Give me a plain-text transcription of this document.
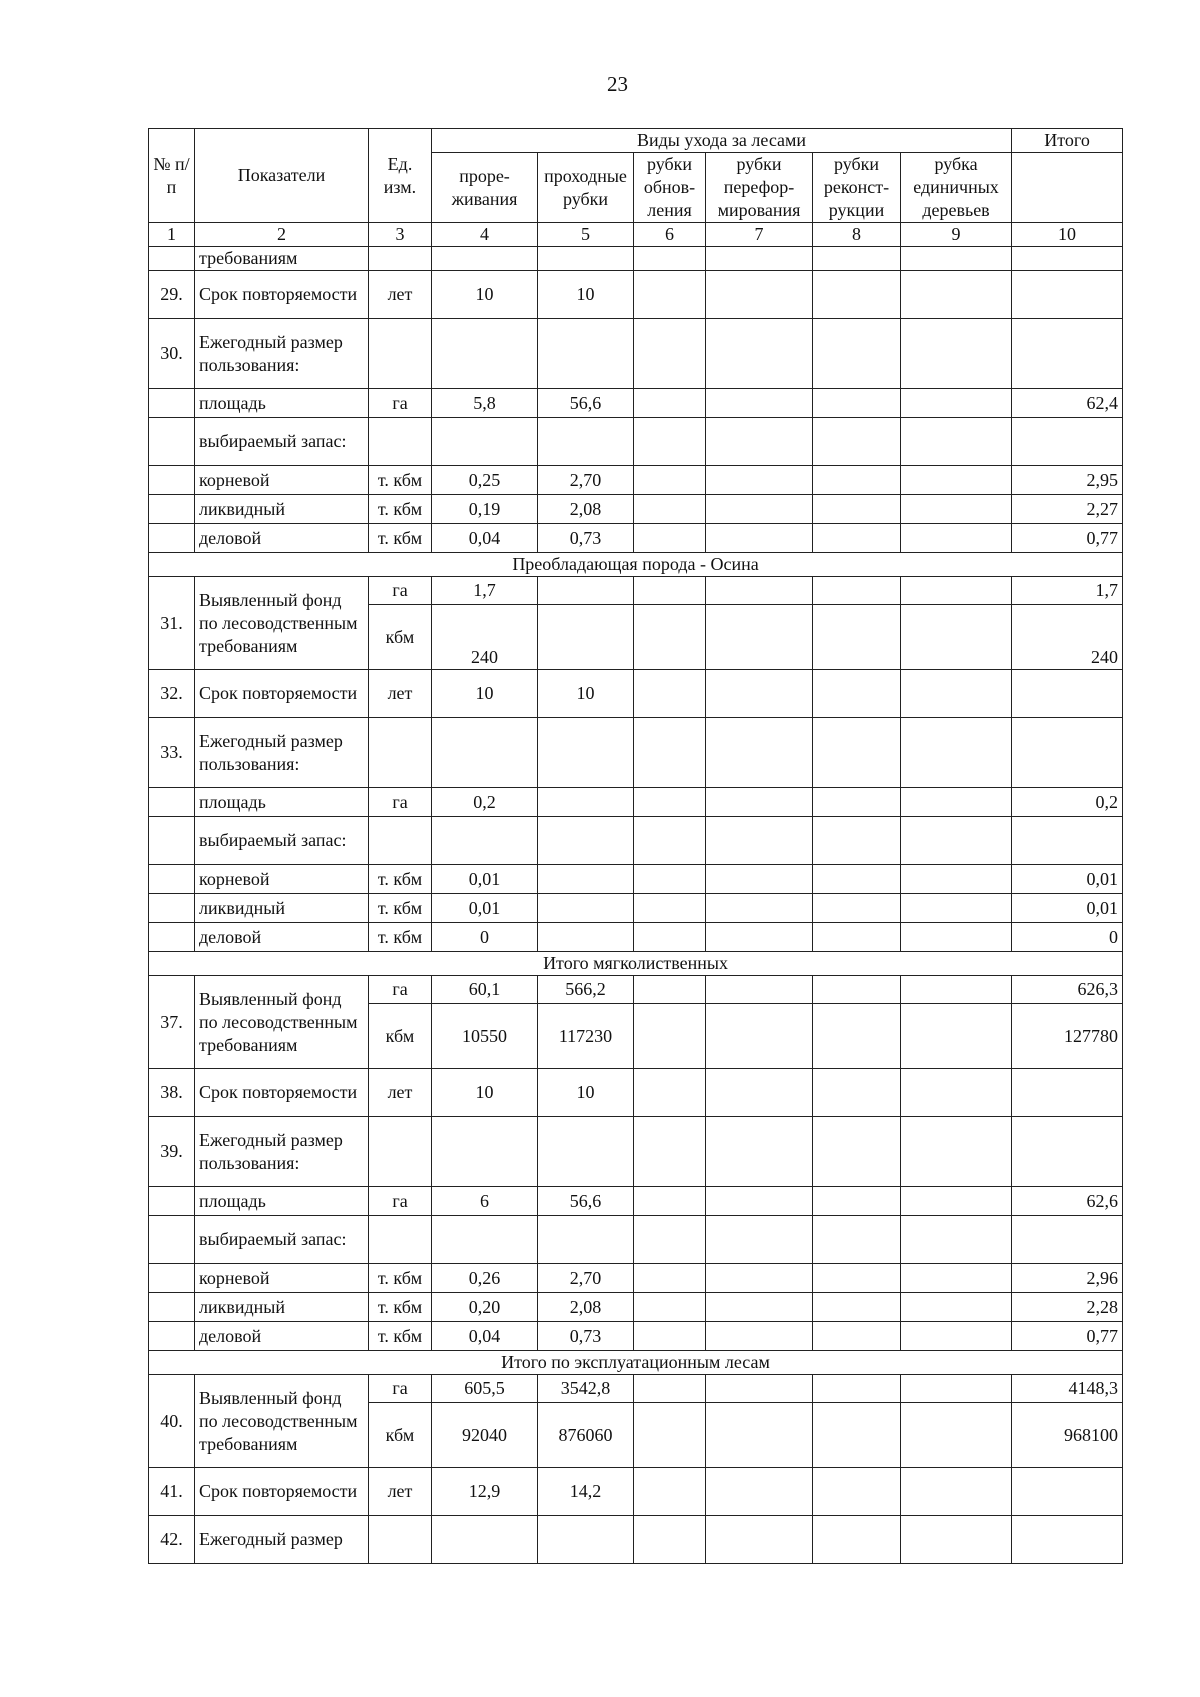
23
№ п/п	Показатели	Ед. изм.	Виды ухода за лесами						Итого
			проре-живания	проходные рубки	рубки обнов-ления	рубки перефор-мирования	рубки реконст-рукции	рубка единичных деревьев	
1	2	3	4	5	6	7	8	9	10
	требованиям								
29.	Срок повторяемости	лет	10	10					
30.	Ежегодный размер пользования:								
	площадь	га	5,8	56,6					62,4
	выбираемый запас:								
	корневой	т. кбм	0,25	2,70					2,95
	ликвидный	т. кбм	0,19	2,08					2,27
	деловой	т. кбм	0,04	0,73					0,77
Преобладающая порода - Осина									
31.	Выявленный фонд по лесоводственным требованиям	га	1,7						1,7
		кбм	240						240
32.	Срок повторяемости	лет	10	10					
33.	Ежегодный размер пользования:								
	площадь	га	0,2						0,2
	выбираемый запас:								
	корневой	т. кбм	0,01						0,01
	ликвидный	т. кбм	0,01						0,01
	деловой	т. кбм	0						0
Итого мягколиственных									
37.	Выявленный фонд по лесоводственным требованиям	га	60,1	566,2					626,3
		кбм	10550	117230					127780
38.	Срок повторяемости	лет	10	10					
39.	Ежегодный размер пользования:								
	площадь	га	6	56,6					62,6
	выбираемый запас:								
	корневой	т. кбм	0,26	2,70					2,96
	ликвидный	т. кбм	0,20	2,08					2,28
	деловой	т. кбм	0,04	0,73					0,77
Итого по эксплуатационным лесам									
40.	Выявленный фонд по лесоводственным требованиям	га	605,5	3542,8					4148,3
		кбм	92040	876060					968100
41.	Срок повторяемости	лет	12,9	14,2					
42.	Ежегодный размер								
